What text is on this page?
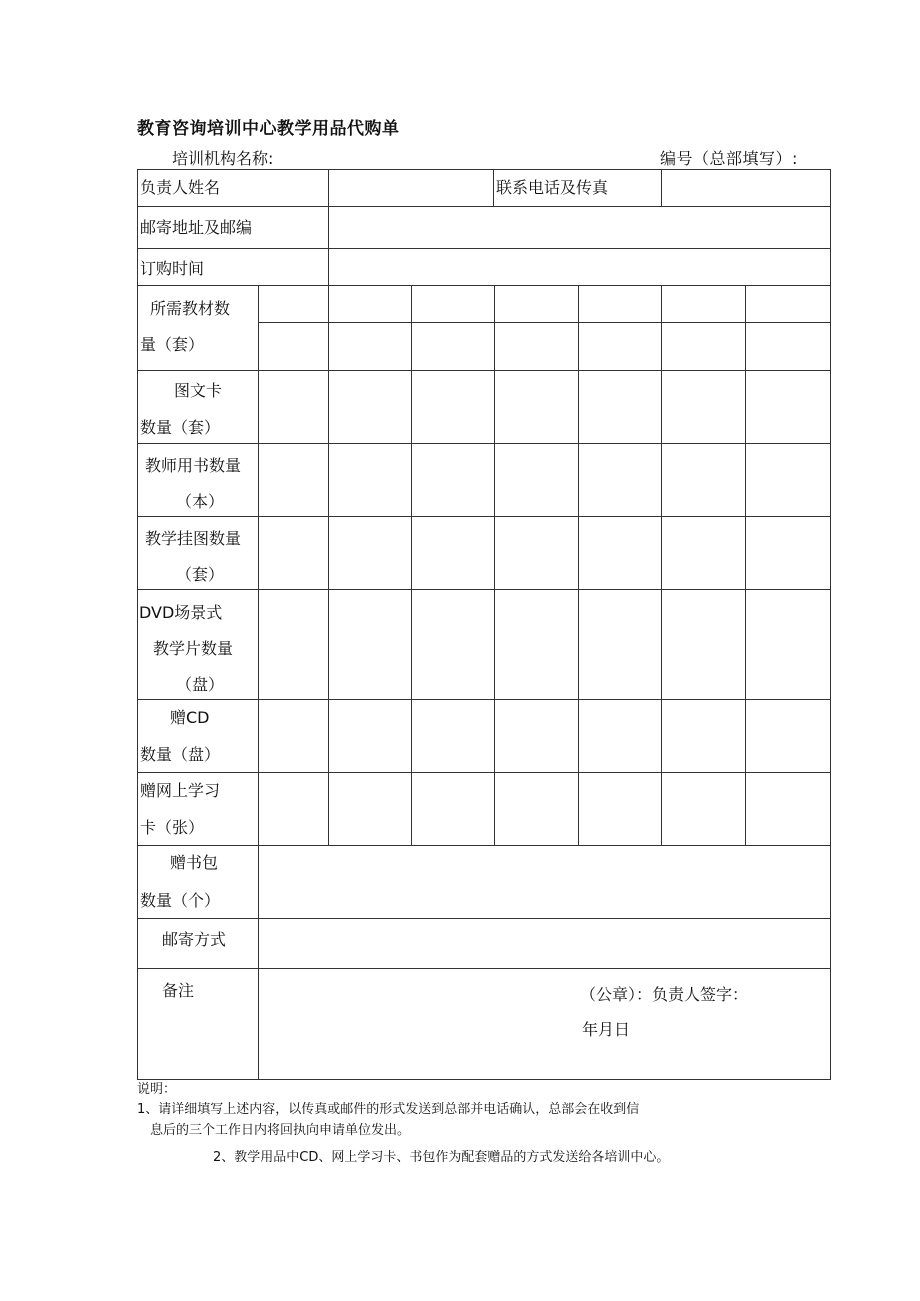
教育咨询培训中心教学用品代购单
培训机构名称:	编号（总部填写）:
负责人姓名	联系电话及传真
邮寄地址及邮编
订购时间
所需教材数
量（套）
图文卡
数量（套）
教师用书数量
（本）
教学挂图数量
（套）
DVD场景式
教学片数量
（盘）
赠CD
数量（盘）
赠网上学习
卡（张）
赠书包
数量（个）
邮寄方式
备注	（公章）：负责人签字：
年月日
说明：
1、请详细填写上述内容，以传真或邮件的形式发送到总部并电话确认，总部会在收到信
息后的三个工作日内将回执向申请单位发出。
2、教学用品中CD、网上学习卡、书包作为配套赠品的方式发送给各培训中心。
